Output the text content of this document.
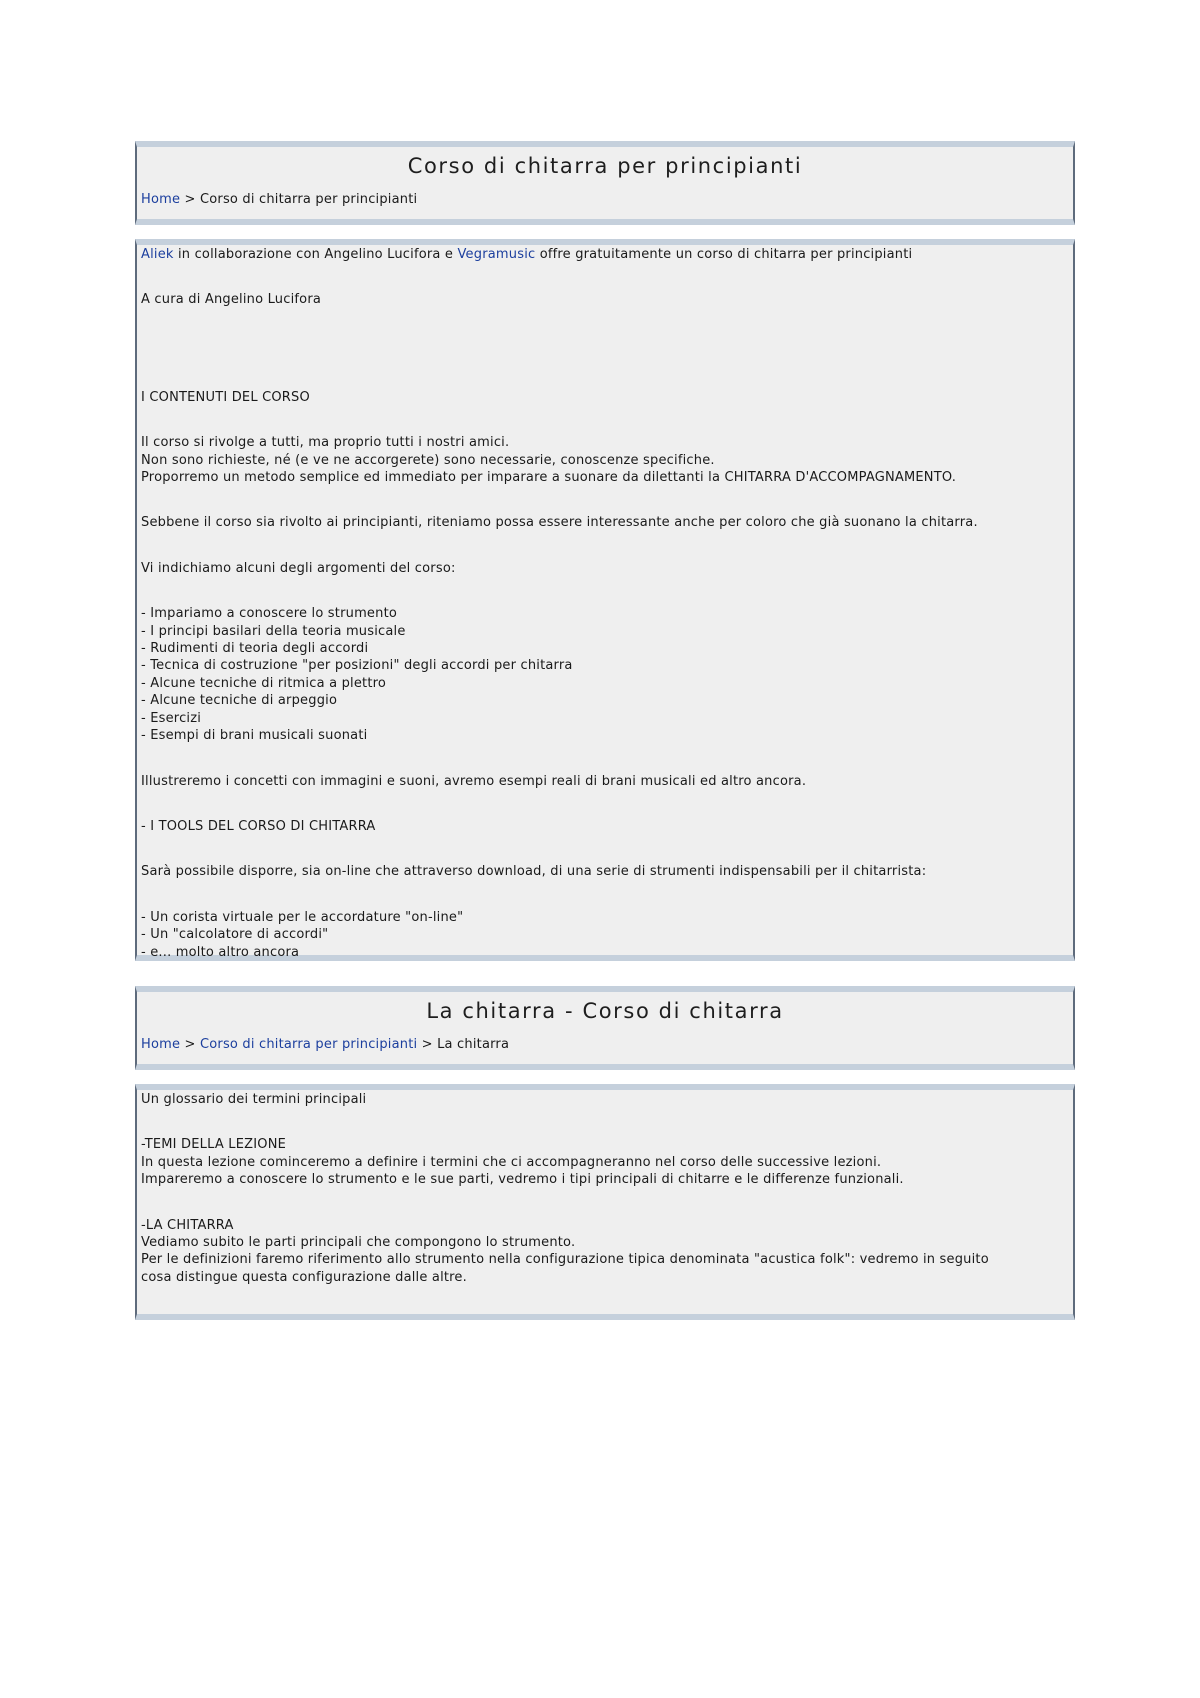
Corso di chitarra per principianti
Home > Corso di chitarra per principianti
Aliek in collaborazione con Angelino Lucifora e Vegramusic offre gratuitamente un corso di chitarra per principianti
A cura di Angelino Lucifora
I CONTENUTI DEL CORSO
Il corso si rivolge a tutti, ma proprio tutti i nostri amici.
Non sono richieste, né (e ve ne accorgerete) sono necessarie, conoscenze specifiche.
Proporremo un metodo semplice ed immediato per imparare a suonare da dilettanti la CHITARRA D'ACCOMPAGNAMENTO.
Sebbene il corso sia rivolto ai principianti, riteniamo possa essere interessante anche per coloro che già suonano la chitarra.
Vi indichiamo alcuni degli argomenti del corso:
- Impariamo a conoscere lo strumento
- I principi basilari della teoria musicale
- Rudimenti di teoria degli accordi
- Tecnica di costruzione "per posizioni" degli accordi per chitarra
- Alcune tecniche di ritmica a plettro
- Alcune tecniche di arpeggio
- Esercizi
- Esempi di brani musicali suonati
Illustreremo i concetti con immagini e suoni, avremo esempi reali di brani musicali ed altro ancora.
- I TOOLS DEL CORSO DI CHITARRA
Sarà possibile disporre, sia on-line che attraverso download, di una serie di strumenti indispensabili per il chitarrista:
- Un corista virtuale per le accordature "on-line"
- Un "calcolatore di accordi"
- e... molto altro ancora
La chitarra - Corso di chitarra
Home > Corso di chitarra per principianti > La chitarra
Un glossario dei termini principali
-TEMI DELLA LEZIONE
In questa lezione cominceremo a definire i termini che ci accompagneranno nel corso delle successive lezioni.
Impareremo a conoscere lo strumento e le sue parti, vedremo i tipi principali di chitarre e le differenze funzionali.
-LA CHITARRA
Vediamo subito le parti principali che compongono lo strumento.
Per le definizioni faremo riferimento allo strumento nella configurazione tipica denominata "acustica folk": vedremo in seguito
cosa distingue questa configurazione dalle altre.
